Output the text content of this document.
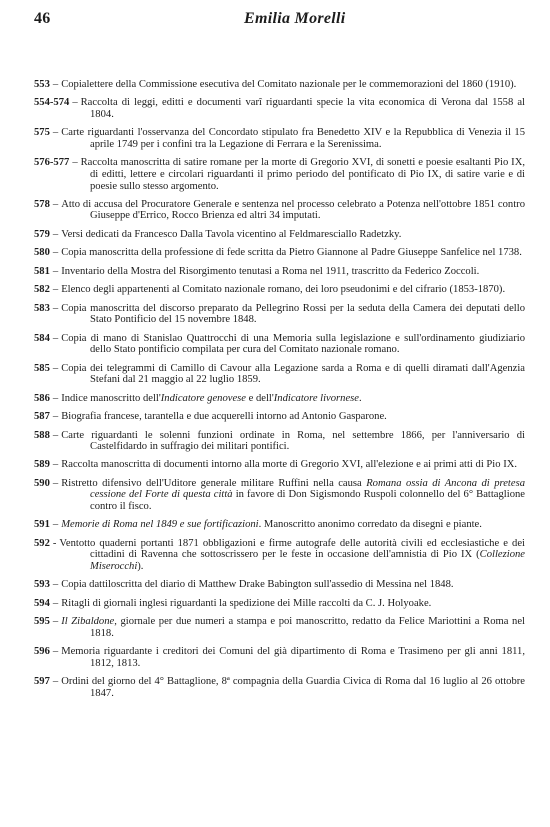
46	Emilia Morelli
553 – Copialettere della Commissione esecutiva del Comitato nazionale per le commemorazioni del 1860 (1910).
554-574 – Raccolta di leggi, editti e documenti varî riguardanti specie la vita economica di Verona dal 1558 al 1804.
575 – Carte riguardanti l'osservanza del Concordato stipulato fra Benedetto XIV e la Repubblica di Venezia il 15 aprile 1749 per i confini tra la Legazione di Ferrara e la Serenissima.
576-577 – Raccolta manoscritta di satire romane per la morte di Gregorio XVI, di sonetti e poesie esaltanti Pio IX, di editti, lettere e circolari riguardanti il primo periodo del pontificato di Pio IX, di satire varie e di poesie sullo stesso argomento.
578 – Atto di accusa del Procuratore Generale e sentenza nel processo celebrato a Potenza nell'ottobre 1851 contro Giuseppe d'Errico, Rocco Brienza ed altri 34 imputati.
579 – Versi dedicati da Francesco Dalla Tavola vicentino al Feldmaresciallo Radetzky.
580 – Copia manoscritta della professione di fede scritta da Pietro Giannone al Padre Giuseppe Sanfelice nel 1738.
581 – Inventario della Mostra del Risorgimento tenutasi a Roma nel 1911, trascritto da Federico Zoccoli.
582 – Elenco degli appartenenti al Comitato nazionale romano, dei loro pseudonimi e del cifrario (1853-1870).
583 – Copia manoscritta del discorso preparato da Pellegrino Rossi per la seduta della Camera dei deputati dello Stato Pontificio del 15 novembre 1848.
584 – Copia di mano di Stanislao Quattrocchi di una Memoria sulla legislazione e sull'ordinamento giudiziario dello Stato pontificio compilata per cura del Comitato nazionale romano.
585 – Copia dei telegrammi di Camillo di Cavour alla Legazione sarda a Roma e di quelli diramati dall'Agenzia Stefani dal 21 maggio al 22 luglio 1859.
586 – Indice manoscritto dell'Indicatore genovese e dell'Indicatore livornese.
587 – Biografia francese, tarantella e due acquerelli intorno ad Antonio Gasparone.
588 – Carte riguardanti le solenni funzioni ordinate in Roma, nel settembre 1866, per l'anniversario di Castelfidardo in suffragio dei militari pontifici.
589 – Raccolta manoscritta di documenti intorno alla morte di Gregorio XVI, all'elezione e ai primi atti di Pio IX.
590 – Ristretto difensivo dell'Uditore generale militare Ruffini nella causa Romana ossia di Ancona di pretesa cessione del Forte di questa città in favore di Don Sigismondo Ruspoli colonnello del 6° Battaglione contro il fisco.
591 – Memorie di Roma nel 1849 e sue fortificazioni. Manoscritto anonimo corredato da disegni e piante.
592 - Ventotto quaderni portanti 1871 obbligazioni e firme autografe delle autorità civili ed ecclesiastiche e dei cittadini di Ravenna che sottoscrissero per le feste in occasione dell'amnistia di Pio IX (Collezione Miserocchi).
593 – Copia dattiloscritta del diario di Matthew Drake Babington sull'assedio di Messina nel 1848.
594 – Ritagli di giornali inglesi riguardanti la spedizione dei Mille raccolti da C. J. Holyoake.
595 – Il Zibaldone, giornale per due numeri a stampa e poi manoscritto, redatto da Felice Mariottini a Roma nel 1818.
596 – Memoria riguardante i creditori dei Comuni del già dipartimento di Roma e Trasimeno per gli anni 1811, 1812, 1813.
597 – Ordini del giorno del 4° Battaglione, 8ª compagnia della Guardia Civica di Roma dal 16 luglio al 26 ottobre 1847.
